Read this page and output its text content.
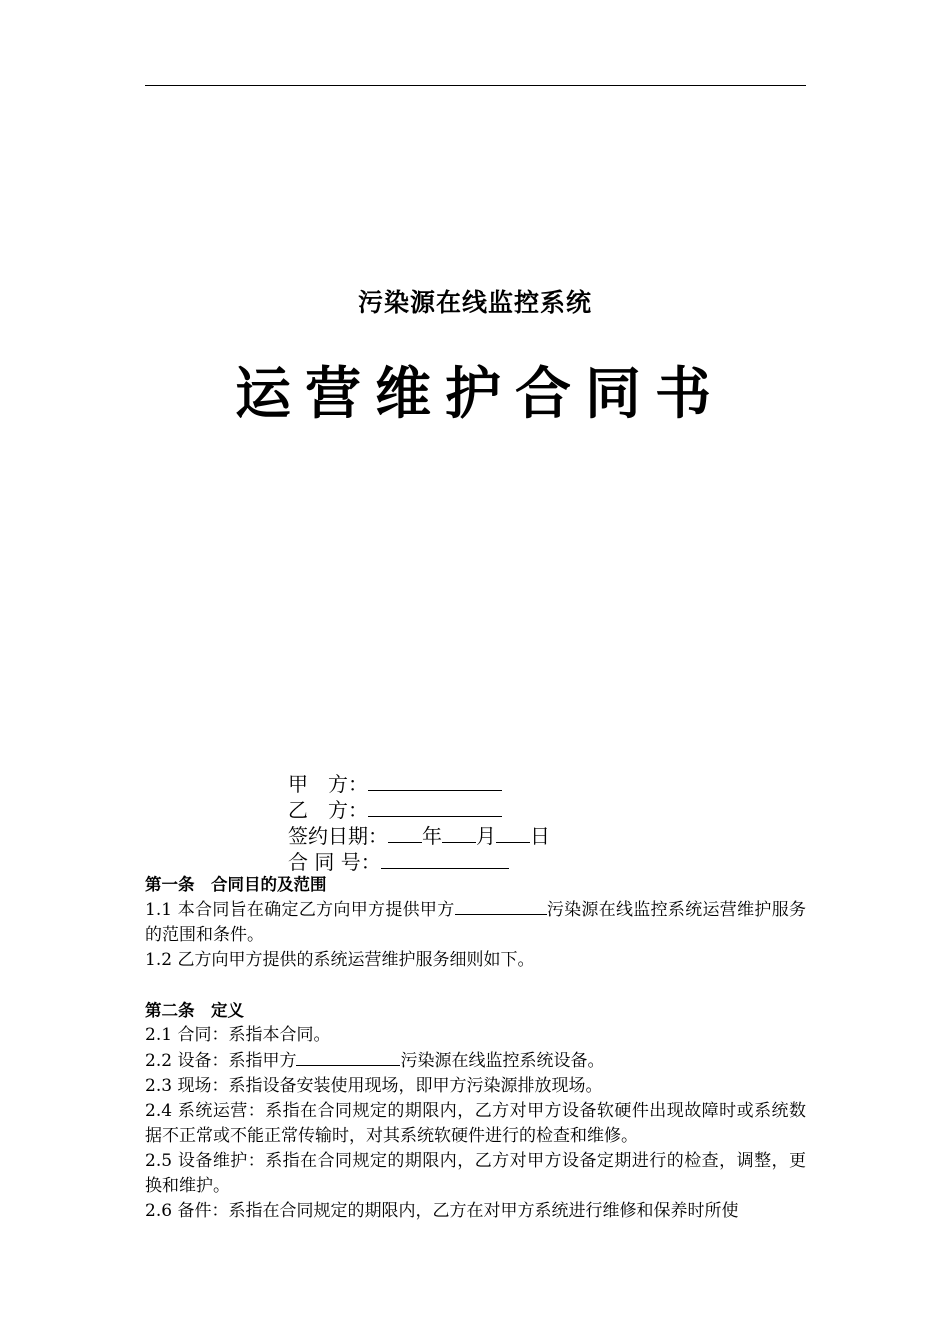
污染源在线监控系统
运营维护合同书
甲　方：
乙　方：
签约日期： 年 月 日
合 同 号：
第一条　合同目的及范围
1.1 本合同旨在确定乙方向甲方提供甲方	污染源在线监控系统运营维护服务的范围和条件。
1.2 乙方向甲方提供的系统运营维护服务细则如下。
第二条　定义
2.1 合同：系指本合同。
2.2 设备：系指甲方	污染源在线监控系统设备。
2.3 现场：系指设备安装使用现场，即甲方污染源排放现场。
2.4 系统运营：系指在合同规定的期限内，乙方对甲方设备软硬件出现故障时或系统数据不正常或不能正常传输时，对其系统软硬件进行的检查和维修。
2.5 设备维护：系指在合同规定的期限内，乙方对甲方设备定期进行的检查，调整，更换和维护。
2.6 备件：系指在合同规定的期限内，乙方在对甲方系统进行维修和保养时所使
